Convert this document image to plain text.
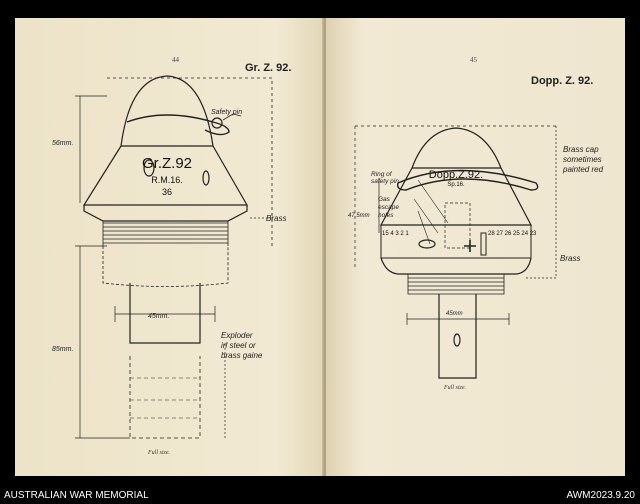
44
Gr. Z. 92.
Gr.Z.92
R.M.16.
36
Safety pin
Brass
Exploder
in steel or
brass gaine
56mm.
45mm.
85mm.
Full size.
45
Dopp. Z. 92.
Dopp.Z.92.
Sp.16.
15 4 3 2 1	28 27 26 25 24 23
Brass cap
sometimes
painted red
Ring of
safety pin
Gas
escape
holes
47.5mm
45mm
Brass
Full size.
AUSTRALIAN WAR MEMORIAL	AWM2023.9.20
